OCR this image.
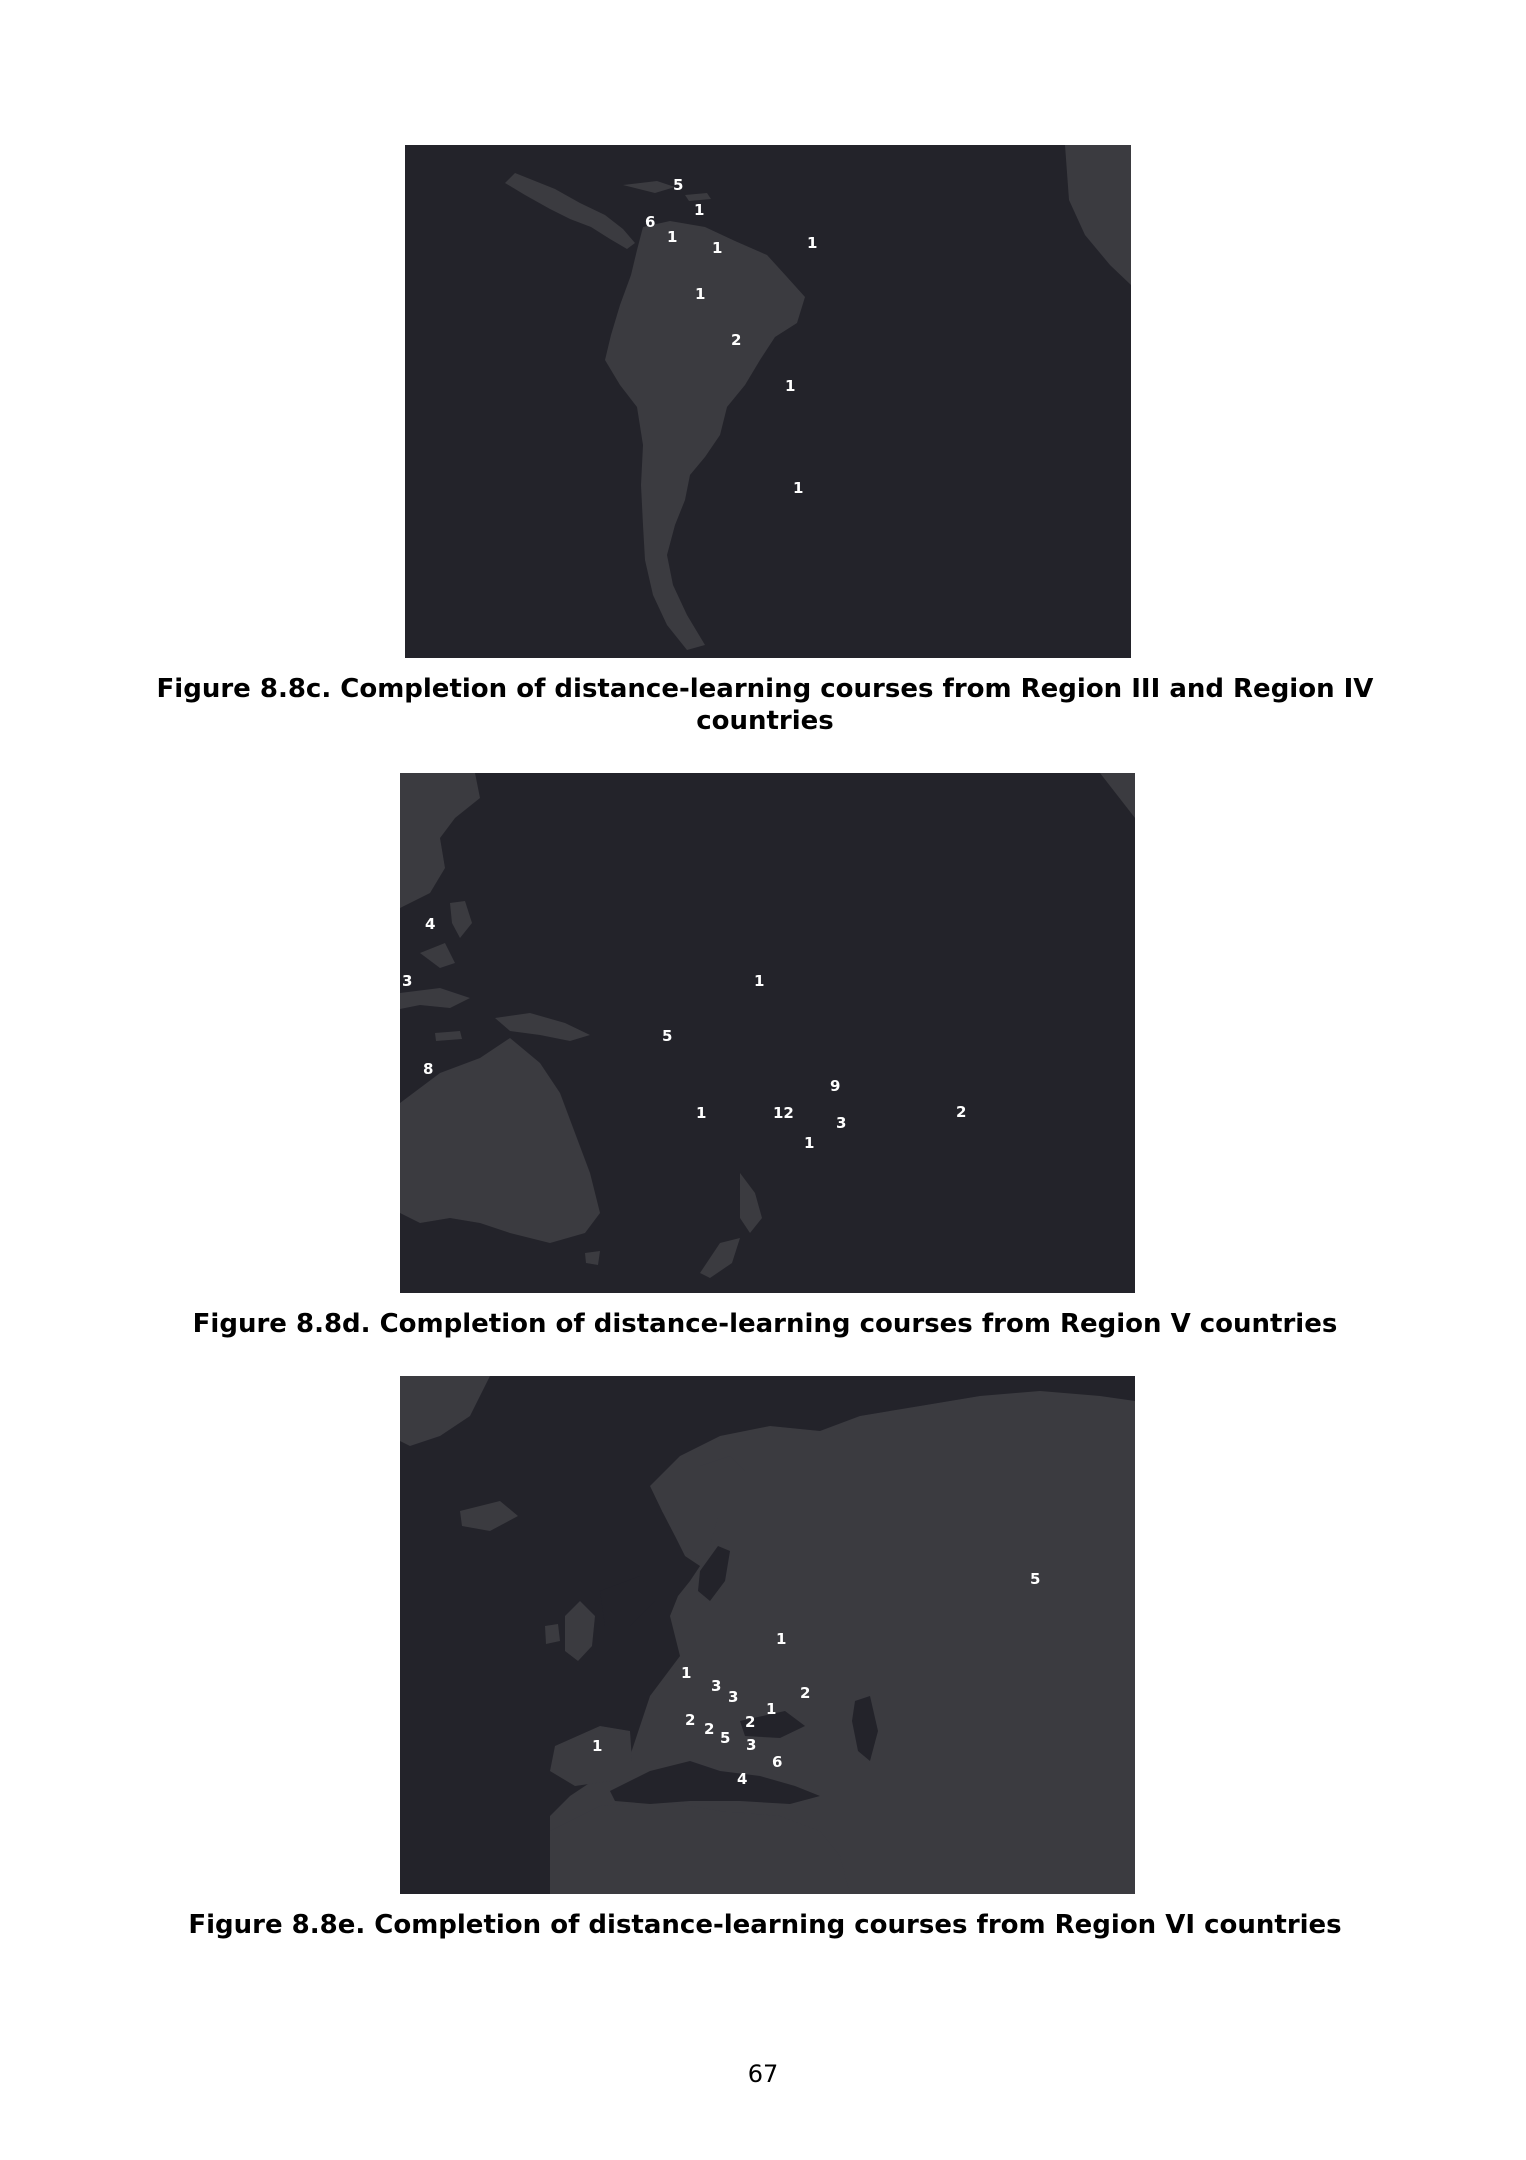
5
6
1
1
1	1
1
2
1
1
Figure 8.8c. Completion of distance-learning courses from Region III and Region IV countries
4
3
8
1
5
9
1	12
3
2
1
Figure 8.8d. Completion of distance-learning courses from Region V countries
5
1
1
3
3	2
1
2	2
5
2
1	3
6
4
Figure 8.8e. Completion of distance-learning courses from Region VI countries
67
